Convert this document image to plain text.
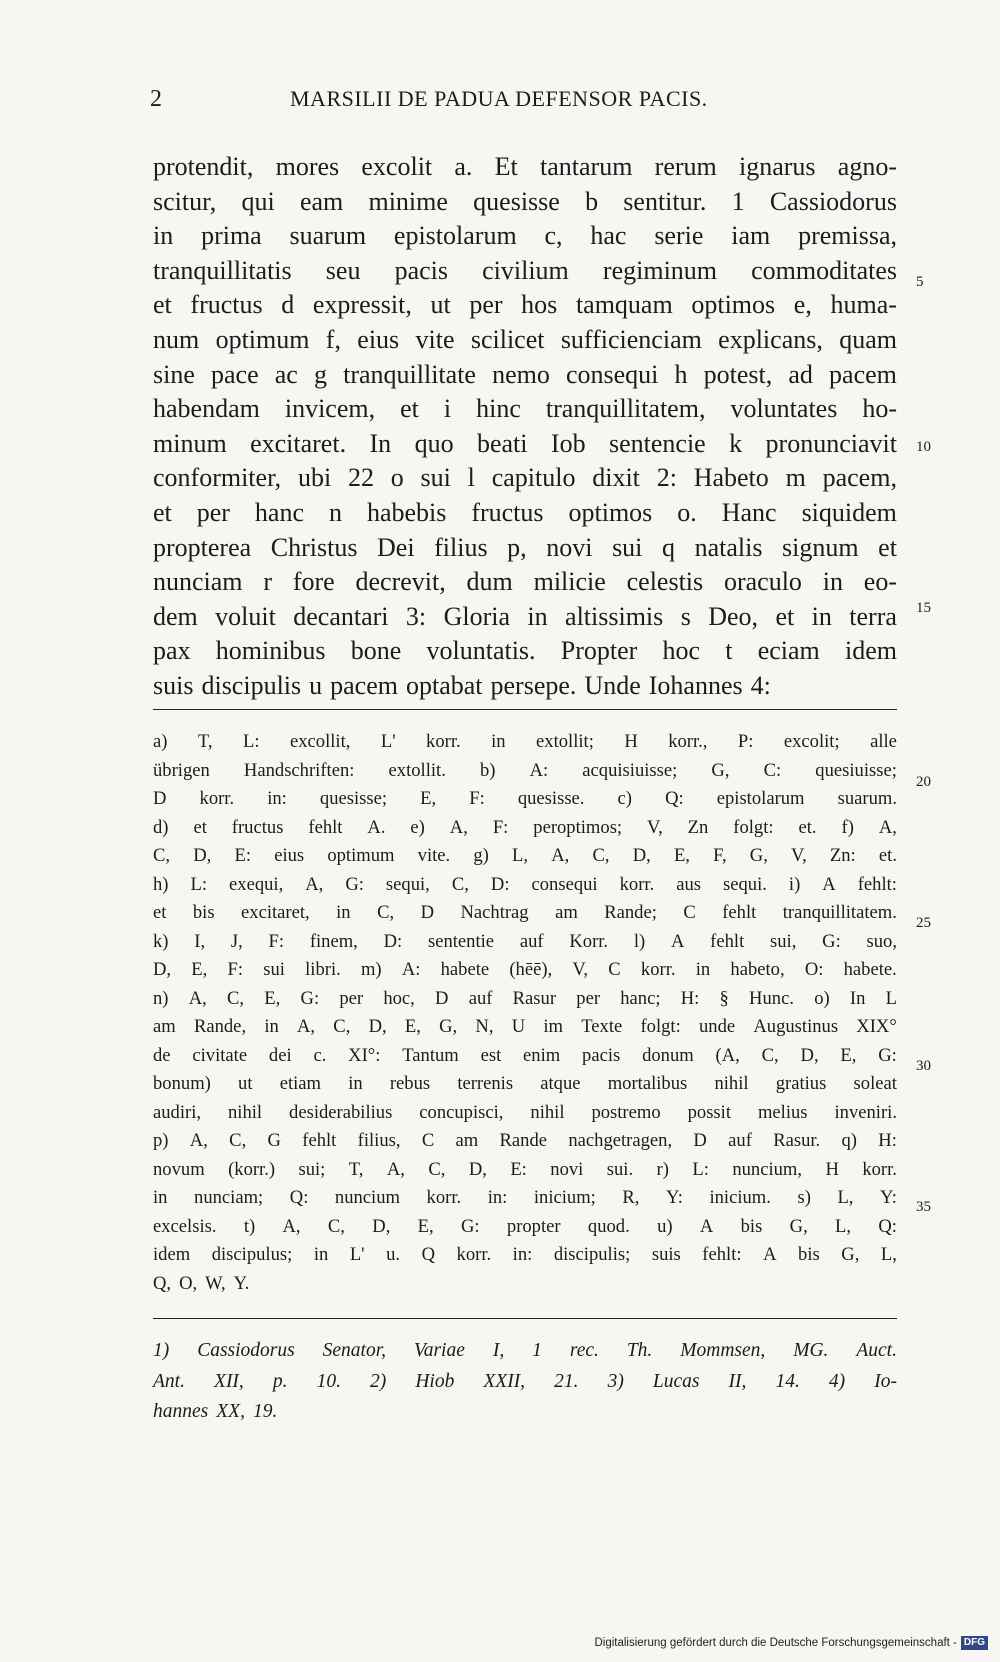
2	MARSILII DE PADUA DEFENSOR PACIS.
protendit, mores excolit a. Et tantarum rerum ignarus agno-
scitur, qui eam minime quesisse b sentitur. 1 Cassiodorus
in prima suarum epistolarum c, hac serie iam premissa,
tranquillitatis seu pacis civilium regiminum commoditates
et fructus d expressit, ut per hos tamquam optimos e, huma-
num optimum f, eius vite scilicet sufficienciam explicans, quam
sine pace ac g tranquillitate nemo consequi h potest, ad pacem
habendam invicem, et i hinc tranquillitatem, voluntates ho-
minum excitaret. In quo beati Iob sentencie k pronunciavit
conformiter, ubi 22 o sui l capitulo dixit 2: Habeto m pacem,
et per hanc n habebis fructus optimos o. Hanc siquidem
propterea Christus Dei filius p, novi sui q natalis signum et
nunciam r fore decrevit, dum milicie celestis oraculo in eo-
dem voluit decantari 3: Gloria in altissimis s Deo, et in terra
pax hominibus bone voluntatis. Propter hoc t eciam idem
suis discipulis u pacem optabat persepe. Unde Iohannes 4:
a) T, L: excollit, L' korr. in extollit; H korr., P: excolit; alle
übrigen Handschriften: extollit. b) A: acquisiuisse; G, C: quesiuisse;
D korr. in: quesisse; E, F: quesisse. c) Q: epistolarum suarum.
d) et fructus fehlt A. e) A, F: peroptimos; V, Zn folgt: et. f) A,
C, D, E: eius optimum vite. g) L, A, C, D, E, F, G, V, Zn: et.
h) L: exequi, A, G: sequi, C, D: consequi korr. aus sequi. i) A fehlt:
et bis excitaret, in C, D Nachtrag am Rande; C fehlt tranquillitatem.
k) I, J, F: finem, D: sententie auf Korr. l) A fehlt sui, G: suo,
D, E, F: sui libri. m) A: habete (hēē), V, C korr. in habeto, O: habete.
n) A, C, E, G: per hoc, D auf Rasur per hanc; H: § Hunc. o) In L
am Rande, in A, C, D, E, G, N, U im Texte folgt: unde Augustinus XIX°
de civitate dei c. XI°: Tantum est enim pacis donum (A, C, D, E, G:
bonum) ut etiam in rebus terrenis atque mortalibus nihil gratius soleat
audiri, nihil desiderabilius concupisci, nihil postremo possit melius inveniri.
p) A, C, G fehlt filius, C am Rande nachgetragen, D auf Rasur. q) H:
novum (korr.) sui; T, A, C, D, E: novi sui. r) L: nuncium, H korr.
in nunciam; Q: nuncium korr. in: inicium; R, Y: inicium. s) L, Y:
excelsis. t) A, C, D, E, G: propter quod. u) A bis G, L, Q:
idem discipulus; in L' u. Q korr. in: discipulis; suis fehlt: A bis G, L,
Q, O, W, Y.
1) Cassiodorus Senator, Variae I, 1 rec. Th. Mommsen, MG. Auct.
Ant. XII, p. 10. 2) Hiob XXII, 21. 3) Lucas II, 14. 4) Io-
hannes XX, 19.
5
10
15
20
25
30
35
Digitalisierung gefördert durch die Deutsche Forschungsgemeinschaft - DFG
